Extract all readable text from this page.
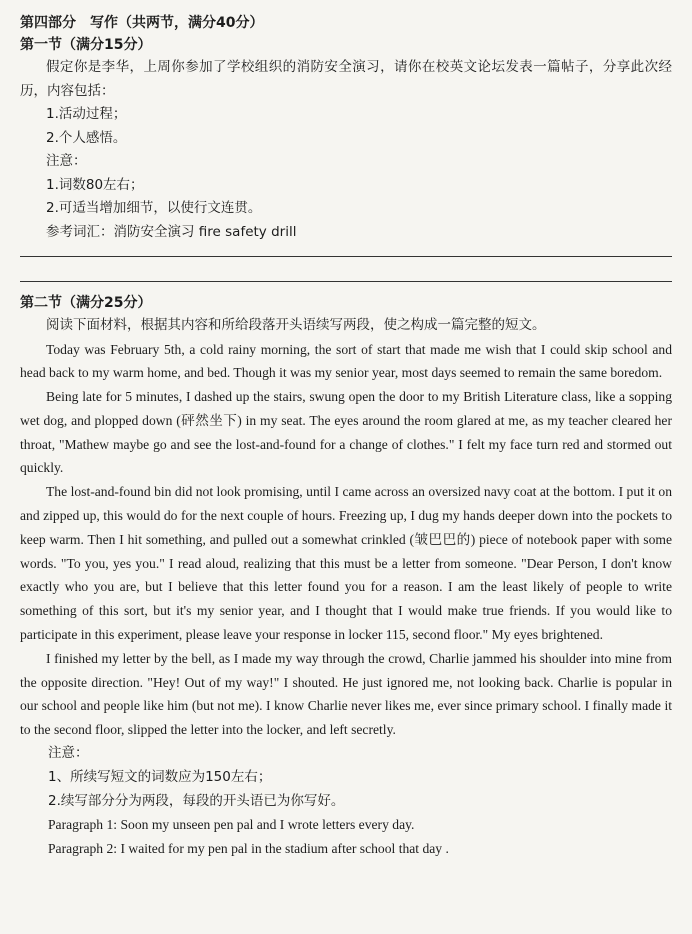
第四部分　写作（共两节，满分40分）
第一节（满分15分）
假定你是李华，上周你参加了学校组织的消防安全演习，请你在校英文论坛发表一篇帖子，分享此次经历，内容包括：
1.活动过程；
2.个人感悟。
注意：
1.词数80左右；
2.可适当增加细节，以使行文连贯。
参考词汇：消防安全演习 fire safety drill
第二节（满分25分）
阅读下面材料，根据其内容和所给段落开头语续写两段，使之构成一篇完整的短文。

Today was February 5th, a cold rainy morning, the sort of start that made me wish that I could skip school and head back to my warm home, and bed. Though it was my senior year, most days seemed to remain the same boredom.

Being late for 5 minutes, I dashed up the stairs, swung open the door to my British Literature class, like a sopping wet dog, and plopped down (砰然坐下) in my seat. The eyes around the room glared at me, as my teacher cleared her throat, "Mathew maybe go and see the lost-and-found for a change of clothes." I felt my face turn red and stormed out quickly.

The lost-and-found bin did not look promising, until I came across an oversized navy coat at the bottom. I put it on and zipped up, this would do for the next couple of hours. Freezing up, I dug my hands deeper down into the pockets to keep warm. Then I hit something, and pulled out a somewhat crinkled (皱巴巴的) piece of notebook paper with some words. "To you, yes you." I read aloud, realizing that this must be a letter from someone. "Dear Person, I don't know exactly who you are, but I believe that this letter found you for a reason. I am the least likely of people to write something of this sort, but it's my senior year, and I thought that I would make true friends. If you would like to participate in this experiment, please leave your response in locker 115, second floor." My eyes brightened.

I finished my letter by the bell, as I made my way through the crowd, Charlie jammed his shoulder into mine from the opposite direction. "Hey! Out of my way!" I shouted. He just ignored me, not looking back. Charlie is popular in our school and people like him (but not me). I know Charlie never likes me, ever since primary school. I finally made it to the second floor, slipped the letter into the locker, and left secretly.

注意：
1、所续写短文的词数应为150左右；
2.续写部分分为两段，每段的开头语已为你写好。
Paragraph 1: Soon my unseen pen pal and I wrote letters every day.
Paragraph 2: I waited for my pen pal in the stadium after school that day .
